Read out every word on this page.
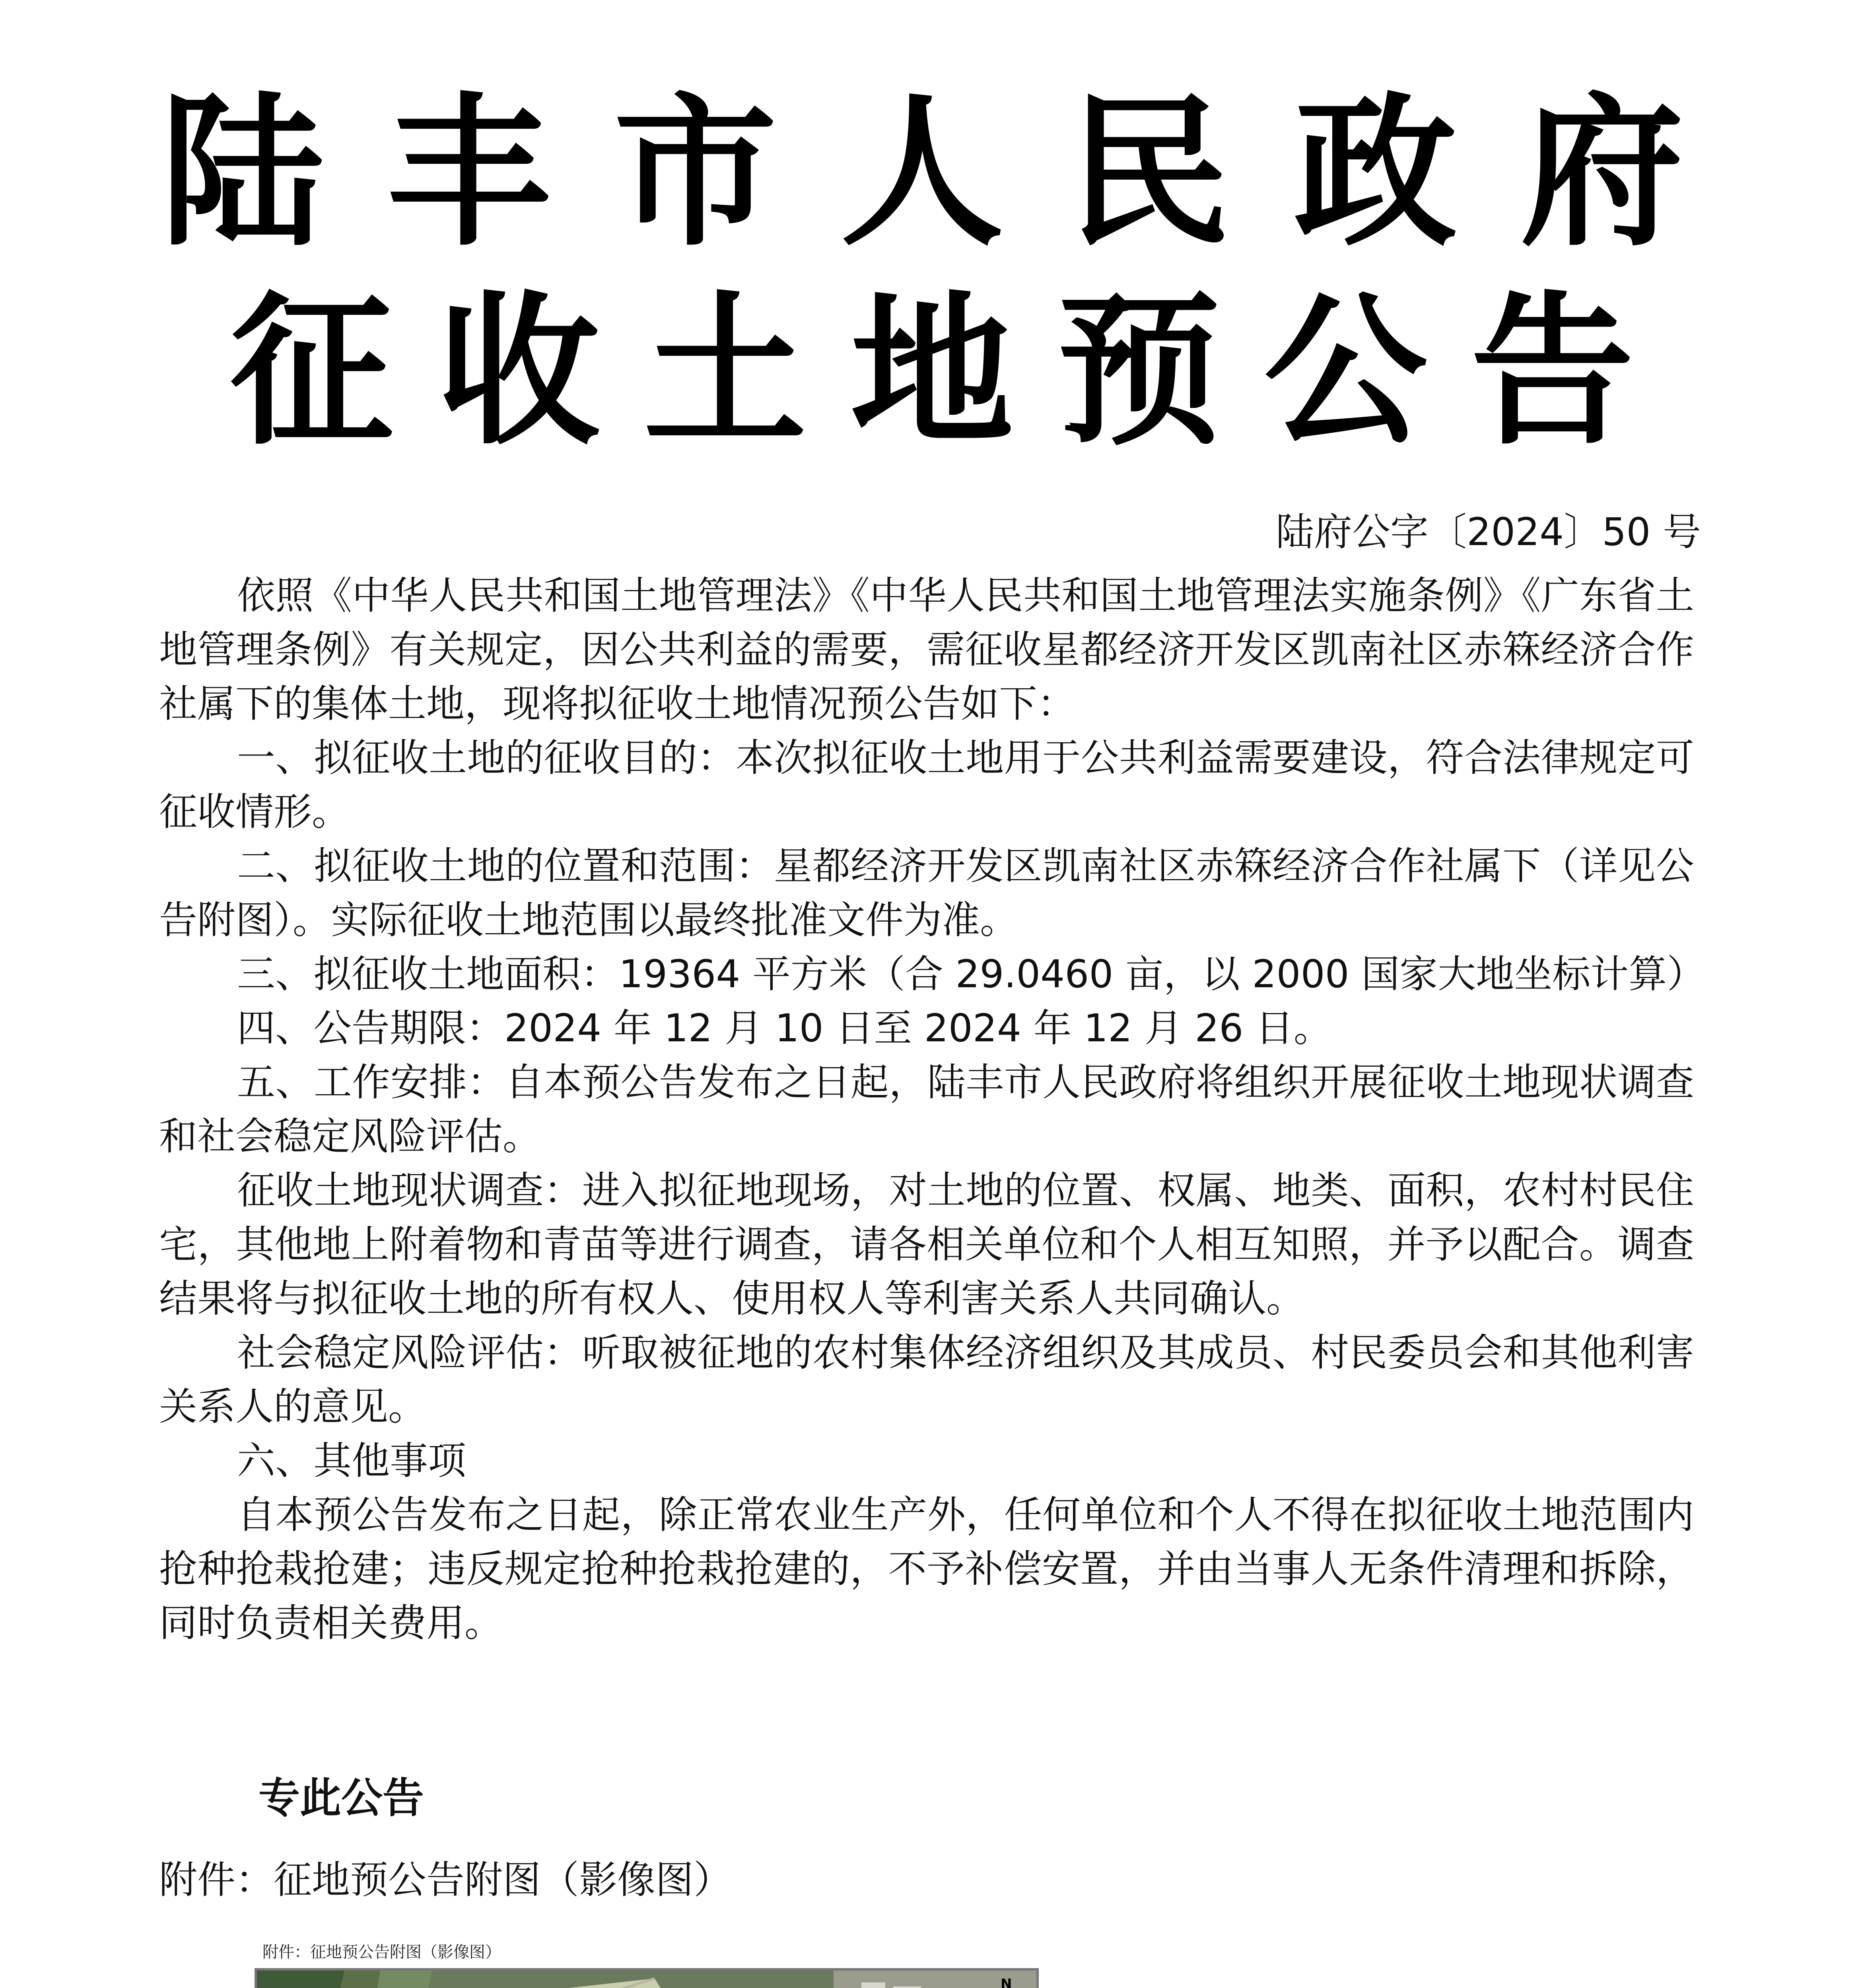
陆丰市人民政府
征收土地预公告
陆府公字〔2024〕50 号

依照《中华人民共和国土地管理法》《中华人民共和国土地管理法实施条例》《广东省土地管理条例》有关规定，因公共利益的需要，需征收星都经济开发区凯南社区赤箖经济合作社属下的集体土地，现将拟征收土地情况预公告如下：

一、拟征收土地的征收目的：本次拟征收土地用于公共利益需要建设，符合法律规定可征收情形。

二、拟征收土地的位置和范围：星都经济开发区凯南社区赤箖经济合作社属下（详见公告附图）。实际征收土地范围以最终批准文件为准。

三、拟征收土地面积：19364 平方米（合 29.0460 亩，以 2000 国家大地坐标计算）

四、公告期限：2024 年 12 月 10 日至 2024 年 12 月 26 日。

五、工作安排：自本预公告发布之日起，陆丰市人民政府将组织开展征收土地现状调查和社会稳定风险评估。

征收土地现状调查：进入拟征地现场，对土地的位置、权属、地类、面积，农村村民住宅，其他地上附着物和青苗等进行调查，请各相关单位和个人相互知照，并予以配合。调查结果将与拟征收土地的所有权人、使用权人等利害关系人共同确认。

社会稳定风险评估：听取被征地的农村集体经济组织及其成员、村民委员会和其他利害关系人的意见。

六、其他事项

自本预公告发布之日起，除正常农业生产外，任何单位和个人不得在拟征收土地范围内抢种抢栽抢建；违反规定抢种抢栽抢建的，不予补偿安置，并由当事人无条件清理和拆除，同时负责相关费用。

专此公告
附件：征地预公告附图（影像图）
附件：征地预公告附图（影像图）
N
